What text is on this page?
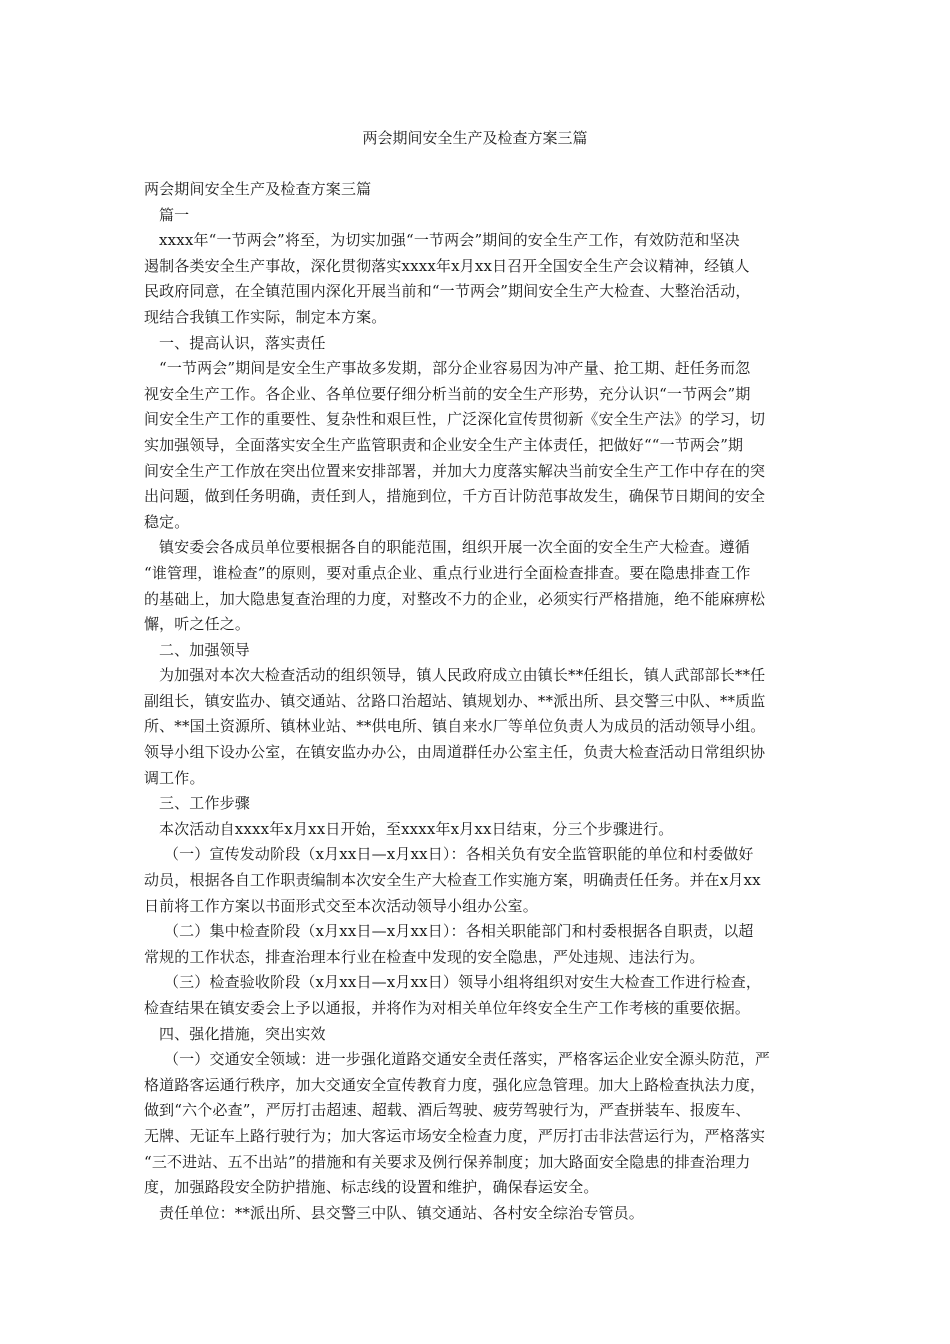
两会期间安全生产及检查方案三篇
两会期间安全生产及检查方案三篇
篇一
xxxx年“一节两会”将至，为切实加强“一节两会”期间的安全生产工作，有效防范和坚决
遏制各类安全生产事故，深化贯彻落实xxxx年x月xx日召开全国安全生产会议精神，经镇人
民政府同意，在全镇范围内深化开展当前和“一节两会”期间安全生产大检查、大整治活动，
现结合我镇工作实际，制定本方案。
一、提高认识，落实责任
“一节两会”期间是安全生产事故多发期，部分企业容易因为冲产量、抢工期、赶任务而忽
视安全生产工作。各企业、各单位要仔细分析当前的安全生产形势，充分认识“一节两会”期
间安全生产工作的重要性、复杂性和艰巨性，广泛深化宣传贯彻新《安全生产法》的学习，切
实加强领导，全面落实安全生产监管职责和企业安全生产主体责任，把做好““一节两会”期
间安全生产工作放在突出位置来安排部署，并加大力度落实解决当前安全生产工作中存在的突
出问题，做到任务明确，责任到人，措施到位，千方百计防范事故发生，确保节日期间的安全
稳定。
镇安委会各成员单位要根据各自的职能范围，组织开展一次全面的安全生产大检查。遵循
“谁管理，谁检查”的原则，要对重点企业、重点行业进行全面检查排查。要在隐患排查工作
的基础上，加大隐患复查治理的力度，对整改不力的企业，必须实行严格措施，绝不能麻痹松
懈，听之任之。
二、加强领导
为加强对本次大检查活动的组织领导，镇人民政府成立由镇长**任组长，镇人武部部长**任
副组长，镇安监办、镇交通站、岔路口治超站、镇规划办、**派出所、县交警三中队、**质监
所、**国土资源所、镇林业站、**供电所、镇自来水厂等单位负责人为成员的活动领导小组。
领导小组下设办公室，在镇安监办办公，由周道群任办公室主任，负责大检查活动日常组织协
调工作。
三、工作步骤
本次活动自xxxx年x月xx日开始，至xxxx年x月xx日结束，分三个步骤进行。
（一）宣传发动阶段（x月xx日—x月xx日）：各相关负有安全监管职能的单位和村委做好
动员，根据各自工作职责编制本次安全生产大检查工作实施方案，明确责任任务。并在x月xx
日前将工作方案以书面形式交至本次活动领导小组办公室。
（二）集中检查阶段（x月xx日—x月xx日）：各相关职能部门和村委根据各自职责，以超
常规的工作状态，排查治理本行业在检查中发现的安全隐患，严处违规、违法行为。
（三）检查验收阶段（x月xx日—x月xx日）领导小组将组织对安生大检查工作进行检查，
检查结果在镇安委会上予以通报，并将作为对相关单位年终安全生产工作考核的重要依据。
四、强化措施，突出实效
（一）交通安全领域：进一步强化道路交通安全责任落实，严格客运企业安全源头防范，严
格道路客运通行秩序，加大交通安全宣传教育力度，强化应急管理。加大上路检查执法力度，
做到“六个必查”，严厉打击超速、超载、酒后驾驶、疲劳驾驶行为，严查拼装车、报废车、
无牌、无证车上路行驶行为；加大客运市场安全检查力度，严厉打击非法营运行为，严格落实
“三不进站、五不出站”的措施和有关要求及例行保养制度；加大路面安全隐患的排查治理力
度，加强路段安全防护措施、标志线的设置和维护，确保春运安全。
责任单位：**派出所、县交警三中队、镇交通站、各村安全综治专管员。
